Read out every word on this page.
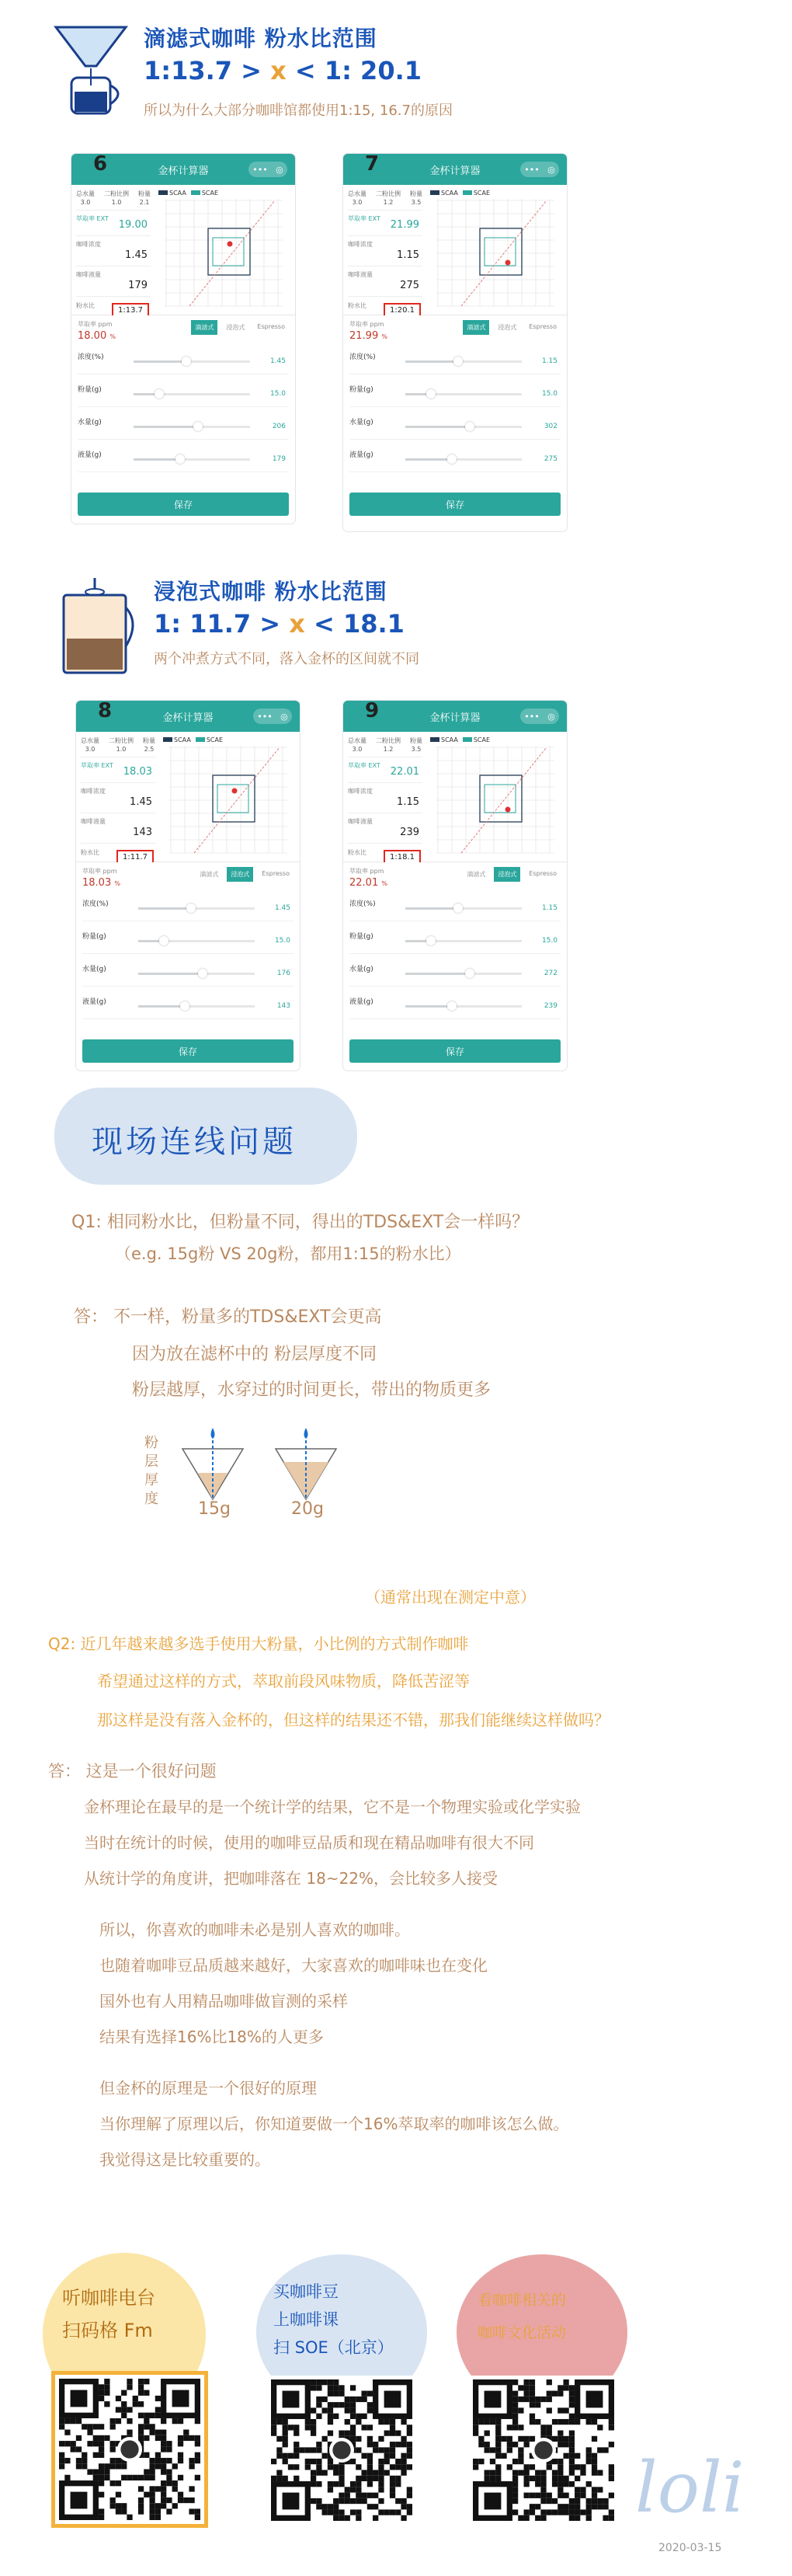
滴滤式咖啡 粉水比范围
1:13.7 > x < 1: 20.1
所以为什么大部分咖啡馆都使用1:15, 16.7的原因
金杯计算器	••• ◎
6
总水量
3.0
二粉比例
1.0
粉量
2.1
萃取率 EXT
19.00
咖啡浓度
1.45
咖啡液量
179
粉水比
1:13.7
SCAA	SCAE
萃取率 ppm
18.00 %
滴滤式	浸泡式	Espresso
浓度(%)	1.45
粉量(g)	15.0
水量(g)	206
液量(g)	179
保存
金杯计算器	••• ◎
7
总水量
3.0
二粉比例
1.2
粉量
3.5
萃取率 EXT
21.99
咖啡浓度
1.15
咖啡液量
275
粉水比
1:20.1
SCAA	SCAE
萃取率 ppm
21.99 %
滴滤式	浸泡式	Espresso
浓度(%)	1.15
粉量(g)	15.0
水量(g)	302
液量(g)	275
保存
浸泡式咖啡 粉水比范围
1: 11.7 > x < 18.1
两个冲煮方式不同，落入金杯的区间就不同
金杯计算器	••• ◎
8
总水量
3.0
二粉比例
1.0
粉量
2.5
萃取率 EXT
18.03
咖啡浓度
1.45
咖啡液量
143
粉水比
1:11.7
SCAA	SCAE
萃取率 ppm
18.03 %
滴滤式	浸泡式	Espresso
浓度(%)	1.45
粉量(g)	15.0
水量(g)	176
液量(g)	143
保存
金杯计算器	••• ◎
9
总水量
3.0
二粉比例
1.2
粉量
3.5
萃取率 EXT
22.01
咖啡浓度
1.15
咖啡液量
239
粉水比
1:18.1
SCAA	SCAE
萃取率 ppm
22.01 %
滴滤式	浸泡式	Espresso
浓度(%)	1.15
粉量(g)	15.0
水量(g)	272
液量(g)	239
保存
现场连线问题
Q1: 相同粉水比，但粉量不同，得出的TDS&EXT会一样吗？
（e.g. 15g粉 VS 20g粉，都用1:15的粉水比）
答： 不一样，粉量多的TDS&EXT会更高
因为放在滤杯中的 粉层厚度不同
粉层越厚，水穿过的时间更长，带出的物质更多
粉层厚度
15g	20g
（通常出现在测定中意）
Q2: 近几年越来越多选手使用大粉量，小比例的方式制作咖啡
希望通过这样的方式，萃取前段风味物质，降低苦涩等
那这样是没有落入金杯的，但这样的结果还不错，那我们能继续这样做吗？
答： 这是一个很好问题
金杯理论在最早的是一个统计学的结果，它不是一个物理实验或化学实验
当时在统计的时候，使用的咖啡豆品质和现在精品咖啡有很大不同
从统计学的角度讲，把咖啡落在 18~22%，会比较多人接受
所以，你喜欢的咖啡未必是别人喜欢的咖啡。
也随着咖啡豆品质越来越好，大家喜欢的咖啡味也在变化
国外也有人用精品咖啡做盲测的采样
结果有选择16%比18%的人更多
但金杯的原理是一个很好的原理
当你理解了原理以后，你知道要做一个16%萃取率的咖啡该怎么做。
我觉得这是比较重要的。
听咖啡电台
扫码格 Fm
买咖啡豆
上咖啡课
扫 SOE（北京）
看咖啡相关的
咖啡文化活动
loli
2020-03-15
